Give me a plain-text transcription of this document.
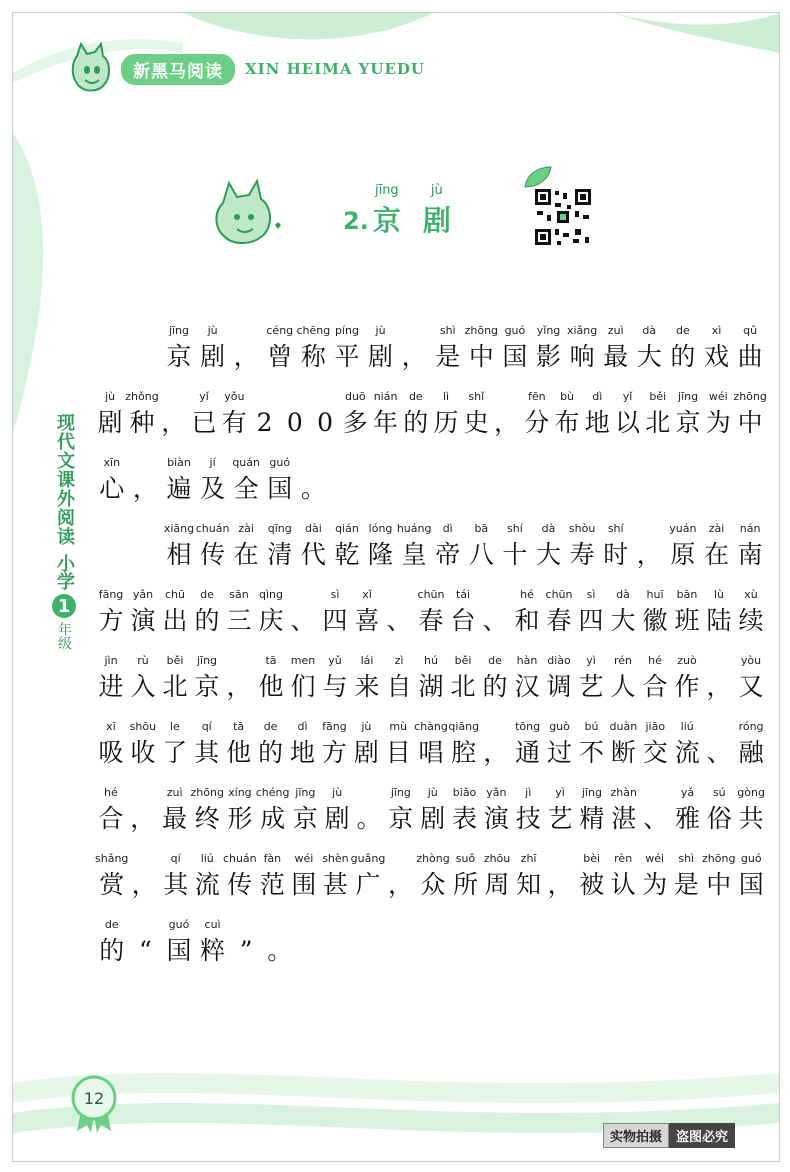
新黑马阅读	XIN HEIMA YUEDU
现代文课外阅读
小学
1
年级
2.
jīng
京
jù
剧
jīng
京
jù
剧 ，
céng
曾
chēng
称
píng
平
jù
剧 ，
shì
是
zhōng
中
guó
国
yǐng
影
xiǎng
响
zuì
最
dà
大
de
的
xì
戏
qǔ
曲
jù
剧
zhǒng
种 ，
yǐ
已
yǒu
有 2 0 0
duō
多
nián
年
de
的
lì
历
shǐ
史 ，
fēn
分
bù
布
dì
地
yǐ
以
běi
北
jīng
京
wéi
为
zhōng
中
xīn
心 ，
biàn
遍
jí
及
quán
全
guó
国 。
xiāng
相
chuán
传
zài
在
qīng
清
dài
代
qián
乾
lóng
隆
huáng
皇
dì
帝
bā
八
shí
十
dà
大
shòu
寿
shí
时 ，
yuán
原
zài
在
nán
南
fāng
方
yǎn
演
chū
出
de
的
sān
三
qìng
庆 、
sì
四
xǐ
喜 、
chūn
春
tái
台 、
hé
和
chūn
春
sì
四
dà
大
huī
徽
bān
班
lù
陆
xù
续
jìn
进
rù
入
běi
北
jīng
京 ，
tā
他
men
们
yǔ
与
lái
来
zì
自
hú
湖
běi
北
de
的
hàn
汉
diào
调
yì
艺
rén
人
hé
合
zuò
作 ，
yòu
又
xī
吸
shōu
收
le
了
qí
其
tā
他
de
的
dì
地
fāng
方
jù
剧
mù
目
chàng
唱
qiāng
腔 ，
tōng
通
guò
过
bú
不
duàn
断
jiāo
交
liú
流 、
róng
融
hé
合 ，
zuì
最
zhōng
终
xíng
形
chéng
成
jīng
京
jù
剧 。
jīng
京
jù
剧
biǎo
表
yǎn
演
jì
技
yì
艺
jīng
精
zhàn
湛 、
yǎ
雅
sú
俗
gòng
共
shǎng
赏 ，
qí
其
liú
流
chuán
传
fàn
范
wéi
围
shèn
甚
guǎng
广 ，
zhòng
众
suǒ
所
zhōu
周
zhī
知 ，
bèi
被
rèn
认
wéi
为
shì
是
zhōng
中
guó
国
de
的 “
guó
国
cuì
粹 ” 。
12
实物拍摄	盗图必究
